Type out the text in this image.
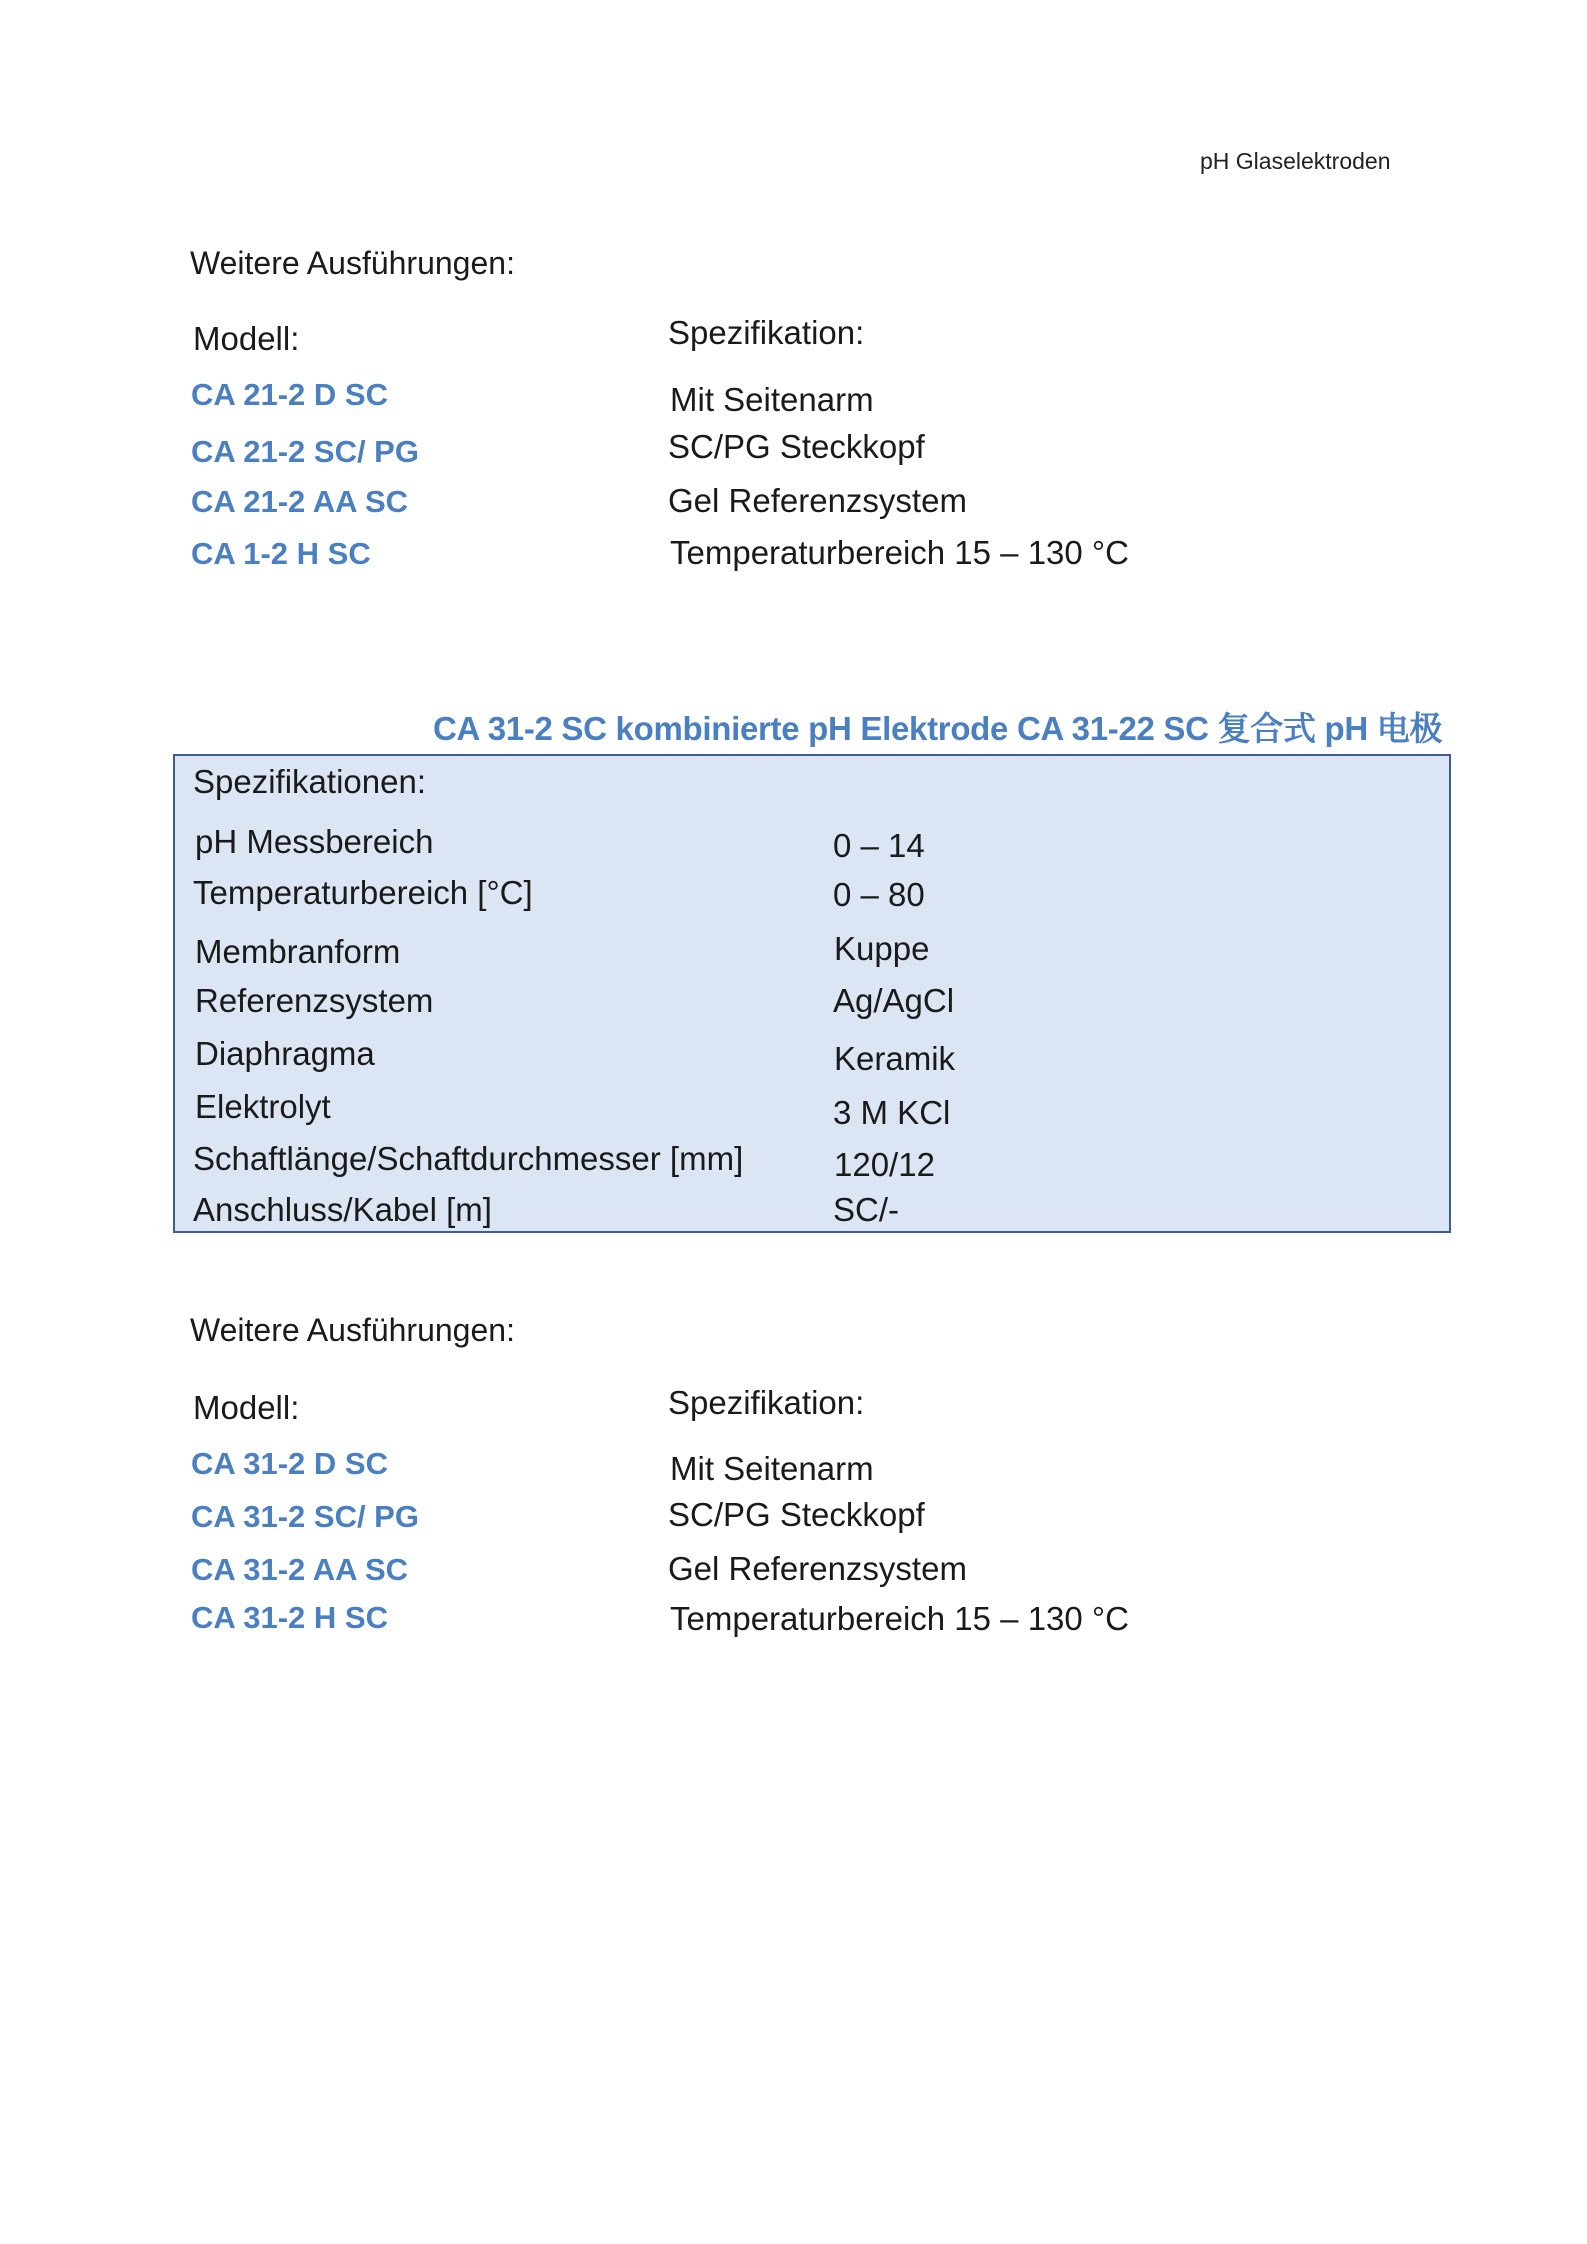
pH Glaselektroden
Weitere Ausführungen:
Modell:	Spezifikation:
CA 21-2 D SC	Mit Seitenarm
CA 21-2 SC/ PG	SC/PG Steckkopf
CA 21-2 AA SC	Gel Referenzsystem
CA 1-2 H SC	Temperaturbereich 15 – 130 °C
CA 31-2 SC kombinierte pH Elektrode CA 31-22 SC 复合式 pH 电极
Spezifikationen:
pH Messbereich	0 – 14
Temperaturbereich [°C]	0 – 80
Membranform	Kuppe
Referenzsystem	Ag/AgCl
Diaphragma	Keramik
Elektrolyt	3 M KCl
Schaftlänge/Schaftdurchmesser [mm]	120/12
Anschluss/Kabel [m]	SC/-
Weitere Ausführungen:
Modell:	Spezifikation:
CA 31-2 D SC	Mit Seitenarm
CA 31-2 SC/ PG	SC/PG Steckkopf
CA 31-2 AA SC	Gel Referenzsystem
CA 31-2 H SC	Temperaturbereich 15 – 130 °C
